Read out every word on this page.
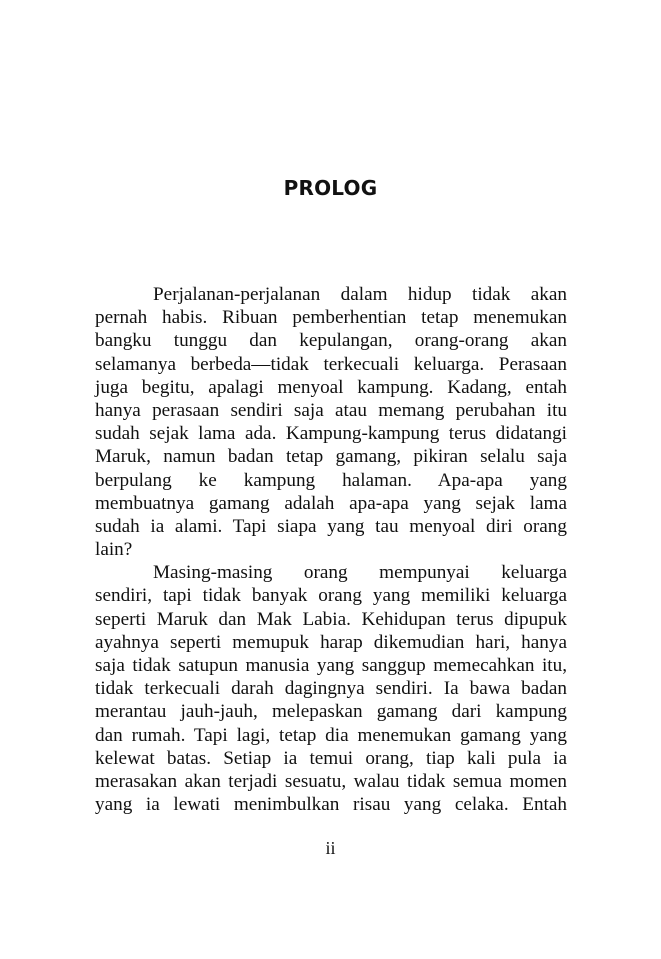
PROLOG
Perjalanan-perjalanan dalam hidup tidak akan
pernah habis. Ribuan pemberhentian tetap menemukan
bangku tunggu dan kepulangan, orang-orang akan
selamanya berbeda—tidak terkecuali keluarga. Perasaan
juga begitu, apalagi menyoal kampung. Kadang, entah
hanya perasaan sendiri saja atau memang perubahan itu
sudah sejak lama ada. Kampung-kampung terus didatangi
Maruk, namun badan tetap gamang, pikiran selalu saja
berpulang ke kampung halaman. Apa-apa yang
membuatnya gamang adalah apa-apa yang sejak lama
sudah ia alami. Tapi siapa yang tau menyoal diri orang
lain?
Masing-masing orang mempunyai keluarga
sendiri, tapi tidak banyak orang yang memiliki keluarga
seperti Maruk dan Mak Labia. Kehidupan terus dipupuk
ayahnya seperti memupuk harap dikemudian hari, hanya
saja tidak satupun manusia yang sanggup memecahkan itu,
tidak terkecuali darah dagingnya sendiri. Ia bawa badan
merantau jauh-jauh, melepaskan gamang dari kampung
dan rumah. Tapi lagi, tetap dia menemukan gamang yang
kelewat batas. Setiap ia temui orang, tiap kali pula ia
merasakan akan terjadi sesuatu, walau tidak semua momen
yang ia lewati menimbulkan risau yang celaka. Entah
ii
